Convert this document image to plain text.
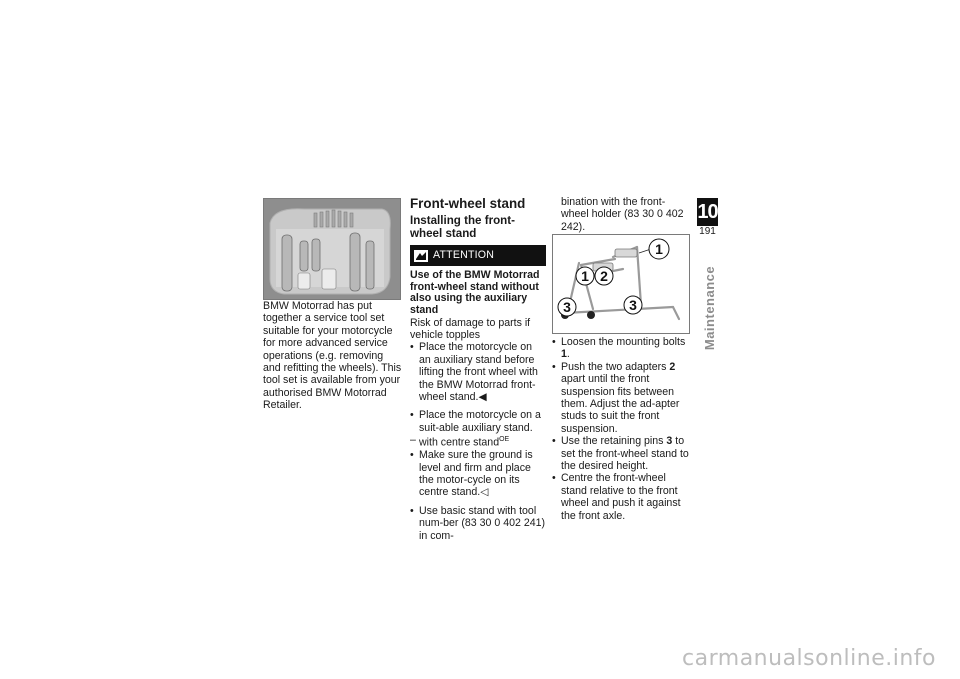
BMW Motorrad has put together a service tool set suitable for your motorcycle for more advanced service operations (e.g. removing and refitting the wheels). This tool set is available from your authorised BMW Motorrad Retailer.
Front-wheel stand
Installing the front-wheel stand
ATTENTION
Use of the BMW Motorrad front-wheel stand without also using the auxiliary stand
Risk of damage to parts if vehicle topples
• Place the motorcycle on an auxiliary stand before lifting the front wheel with the BMW Motorrad front-wheel stand.◀
• Place the motorcycle on a suit-able auxiliary stand.
– with centre stand$^{OE}$
• Make sure the ground is level and firm and place the motor-cycle on its centre stand.◁
• Use basic stand with tool num-ber (83 30 0 402 241) in com-
bination with the front-wheel holder (83 30 0 402 242).
1
1 2
3	3
• Loosen the mounting bolts 1.
• Push the two adapters 2 apart until the front suspension fits between them. Adjust the ad-apter studs to suit the front suspension.
• Use the retaining pins 3 to set the front-wheel stand to the desired height.
• Centre the front-wheel stand relative to the front wheel and push it against the front axle.
10
191
Maintenance
carmanualsonline.info
